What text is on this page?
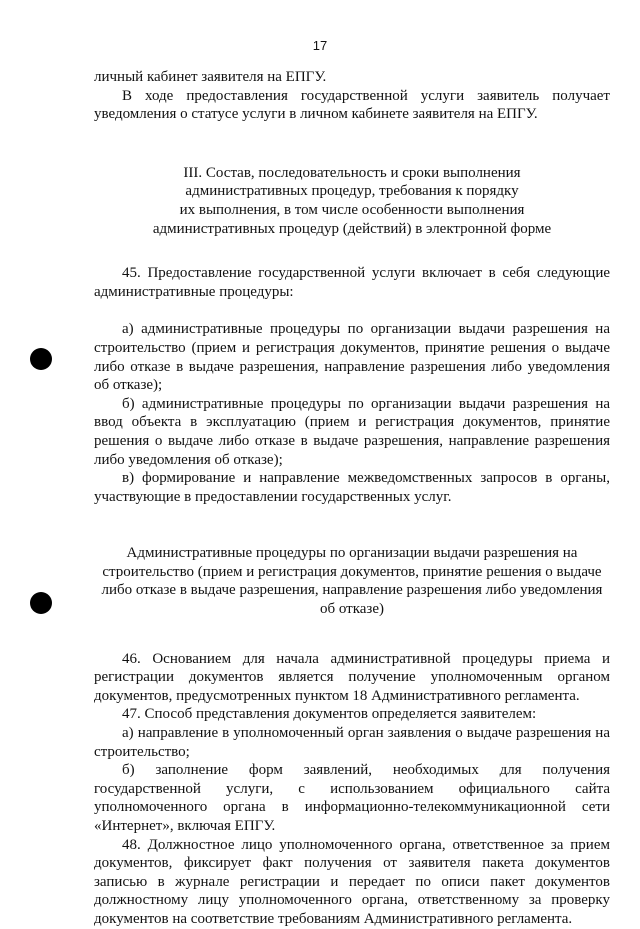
17

личный кабинет заявителя на ЕПГУ.

В ходе предоставления государственной услуги заявитель получает уведомления о статусе услуги в личном кабинете заявителя на ЕПГУ.

III. Состав, последовательность и сроки выполнения

административных процедур, требования к порядку

их выполнения, в том числе особенности выполнения

административных процедур (действий) в электронной форме

45. Предоставление государственной услуги включает в себя следующие административные процедуры:

а) административные процедуры по организации выдачи разрешения на строительство (прием и регистрация документов, принятие решения о выдаче либо отказе в выдаче разрешения, направление разрешения либо уведомления об отказе);

б) административные процедуры по организации выдачи разрешения на ввод объекта в эксплуатацию (прием и регистрация документов, принятие решения о выдаче либо отказе в выдаче разрешения, направление разрешения либо уведомления об отказе);

в) формирование и направление межведомственных запросов в органы, участвующие в предоставлении государственных услуг.

Административные процедуры по организации выдачи разрешения на

строительство (прием и регистрация документов, принятие решения о выдаче

либо отказе в выдаче разрешения, направление разрешения либо уведомления

об отказе)

46. Основанием для начала административной процедуры приема и регистрации документов является получение уполномоченным органом документов, предусмотренных пунктом 18 Административного регламента.

47. Способ представления документов определяется заявителем:

а) направление в уполномоченный орган заявления о выдаче разрешения на строительство;

б) заполнение форм заявлений, необходимых для получения государственной услуги, с использованием официального сайта уполномоченного органа в информационно-телекоммуникационной сети «Интернет», включая ЕПГУ.

48. Должностное лицо уполномоченного органа, ответственное за прием документов, фиксирует факт получения от заявителя пакета документов записью в журнале регистрации и передает по описи пакет документов должностному лицу уполномоченного органа, ответственному за проверку документов на соответствие требованиям Административного регламента.
